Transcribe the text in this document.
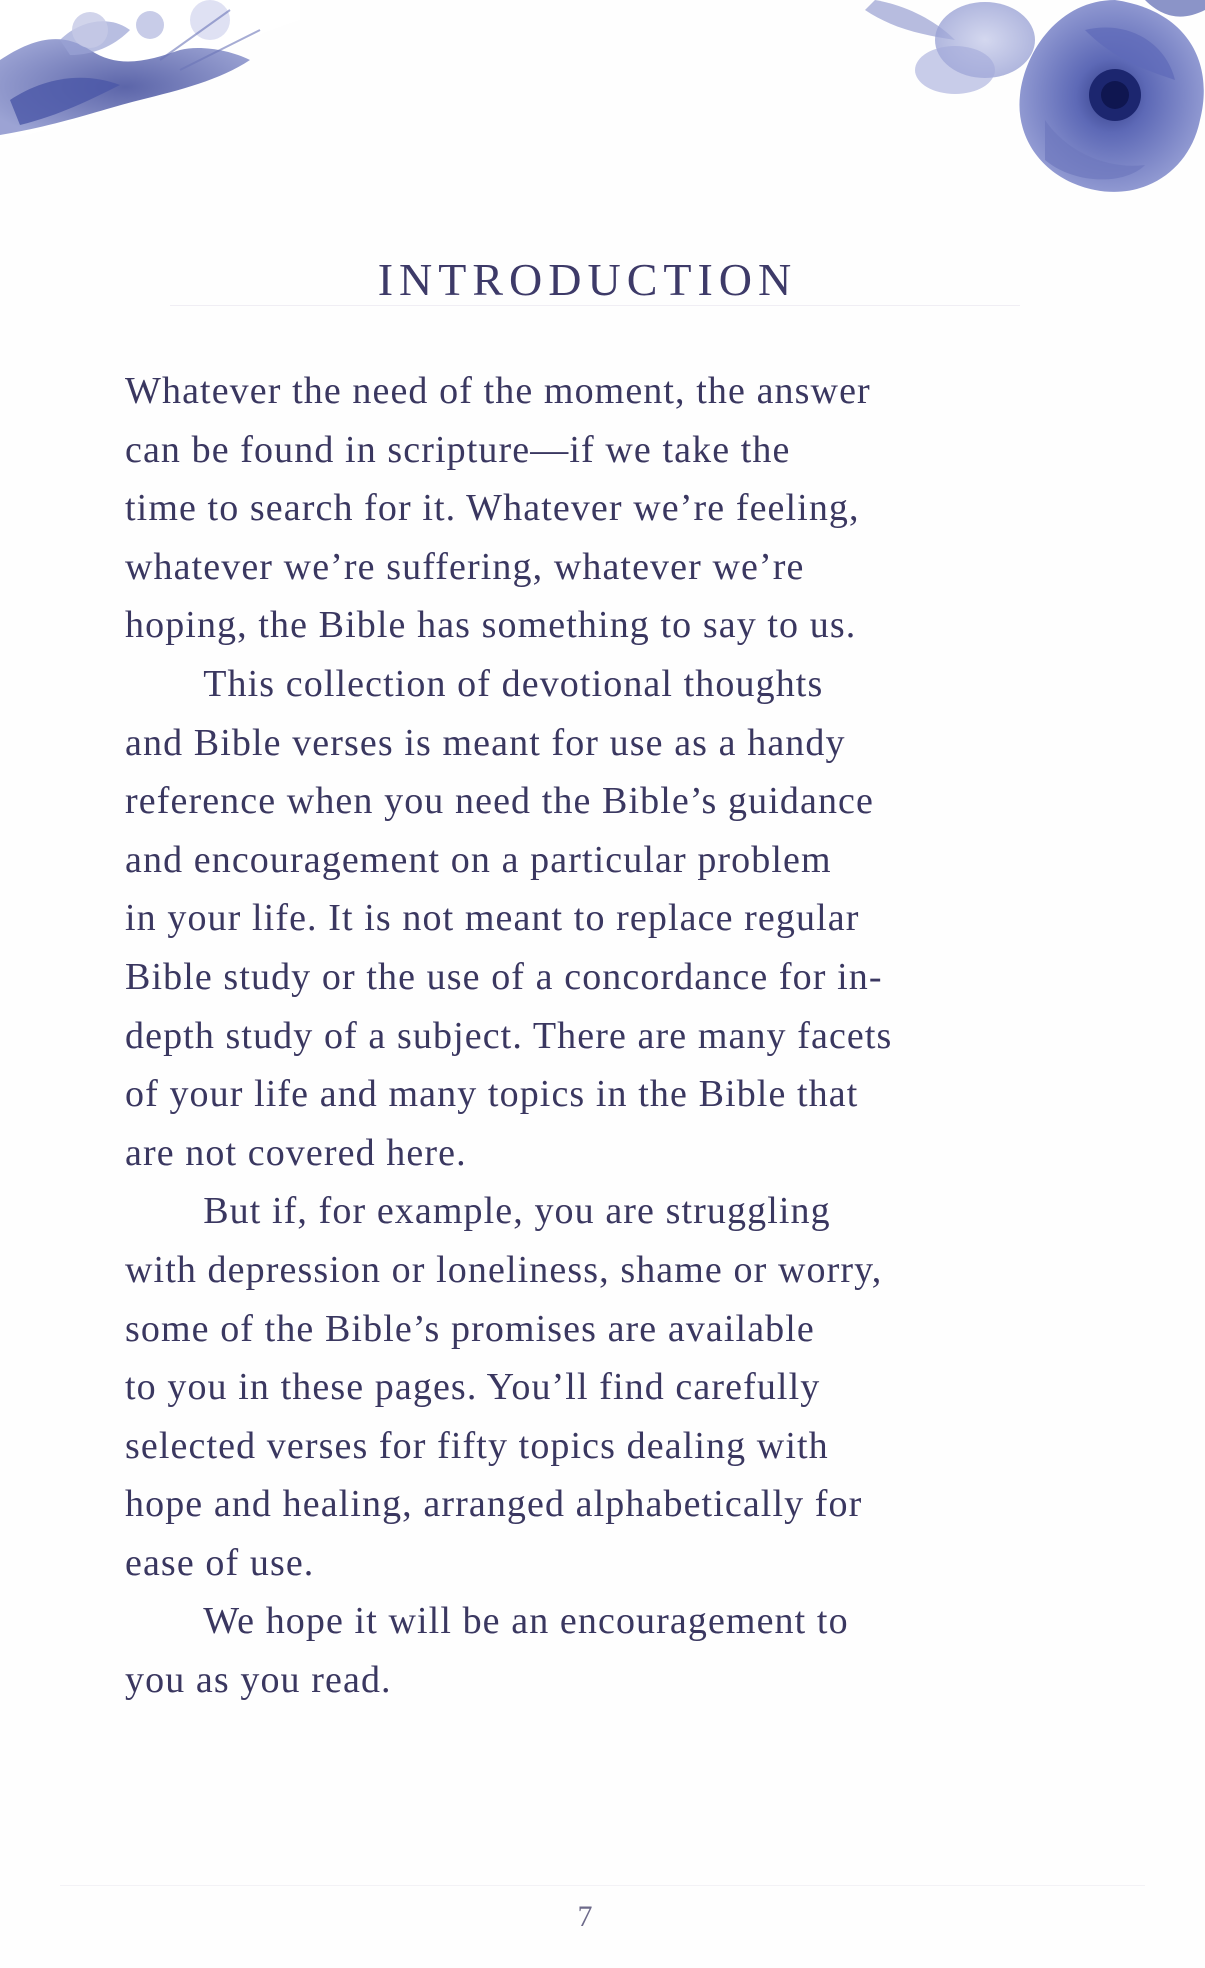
INTRODUCTION

Whatever the need of the moment, the answer
can be found in scripture—if we take the
time to search for it. Whatever we’re feeling,
whatever we’re suffering, whatever we’re
hoping, the Bible has something to say to us.

  This collection of devotional thoughts
and Bible verses is meant for use as a handy
reference when you need the Bible’s guidance
and encouragement on a particular problem
in your life. It is not meant to replace regular
Bible study or the use of a concordance for in-
depth study of a subject. There are many facets
of your life and many topics in the Bible that
are not covered here.

  But if, for example, you are struggling
with depression or loneliness, shame or worry,
some of the Bible’s promises are available
to you in these pages. You’ll find carefully
selected verses for fifty topics dealing with
hope and healing, arranged alphabetically for
ease of use.

  We hope it will be an encouragement to
you as you read.

7
